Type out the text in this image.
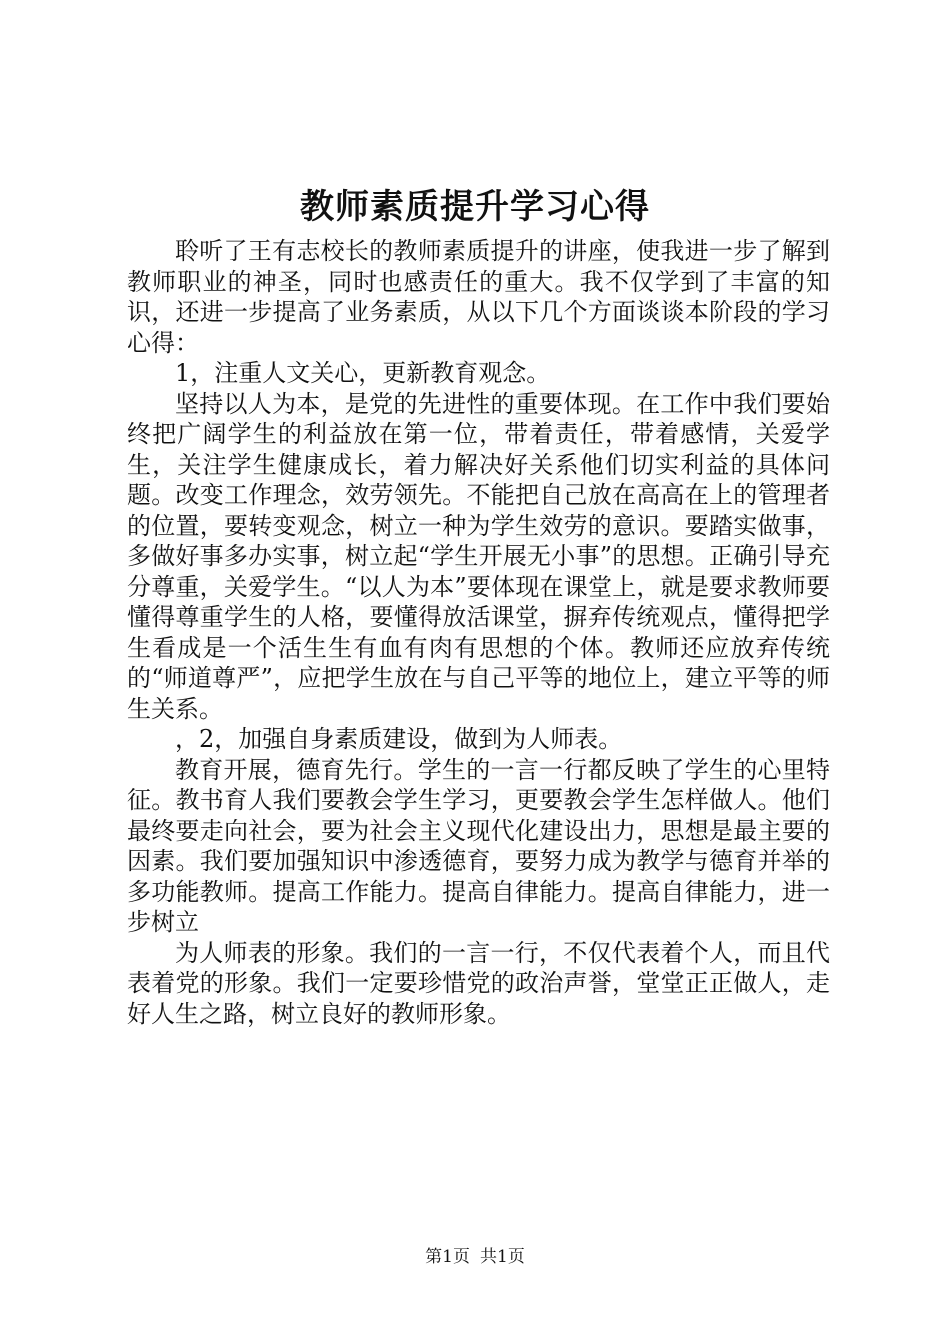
教师素质提升学习心得

聆听了王有志校长的教师素质提升的讲座，使我进一步了解到教师职业的神圣，同时也感责任的重大。我不仅学到了丰富的知识，还进一步提高了业务素质，从以下几个方面谈谈本阶段的学习心得：

1，注重人文关心，更新教育观念。

坚持以人为本，是党的先进性的重要体现。在工作中我们要始终把广阔学生的利益放在第一位，带着责任，带着感情，关爱学生，关注学生健康成长，着力解决好关系他们切实利益的具体问题。改变工作理念，效劳领先。不能把自己放在高高在上的管理者的位置，要转变观念，树立一种为学生效劳的意识。要踏实做事，多做好事多办实事，树立起“学生开展无小事”的思想。正确引导充分尊重，关爱学生。“以人为本”要体现在课堂上，就是要求教师要懂得尊重学生的人格，要懂得放活课堂，摒弃传统观点，懂得把学生看成是一个活生生有血有肉有思想的个体。教师还应放弃传统的“师道尊严”，应把学生放在与自己平等的地位上，建立平等的师生关系。

，2，加强自身素质建设，做到为人师表。

教育开展，德育先行。学生的一言一行都反映了学生的心里特征。教书育人我们要教会学生学习，更要教会学生怎样做人。他们最终要走向社会，要为社会主义现代化建设出力，思想是最主要的因素。我们要加强知识中渗透德育，要努力成为教学与德育并举的多功能教师。提高工作能力。提高自律能力。提高自律能力，进一步树立

为人师表的形象。我们的一言一行，不仅代表着个人，而且代表着党的形象。我们一定要珍惜党的政治声誉，堂堂正正做人，走好人生之路，树立良好的教师形象。

第1页 共1页
